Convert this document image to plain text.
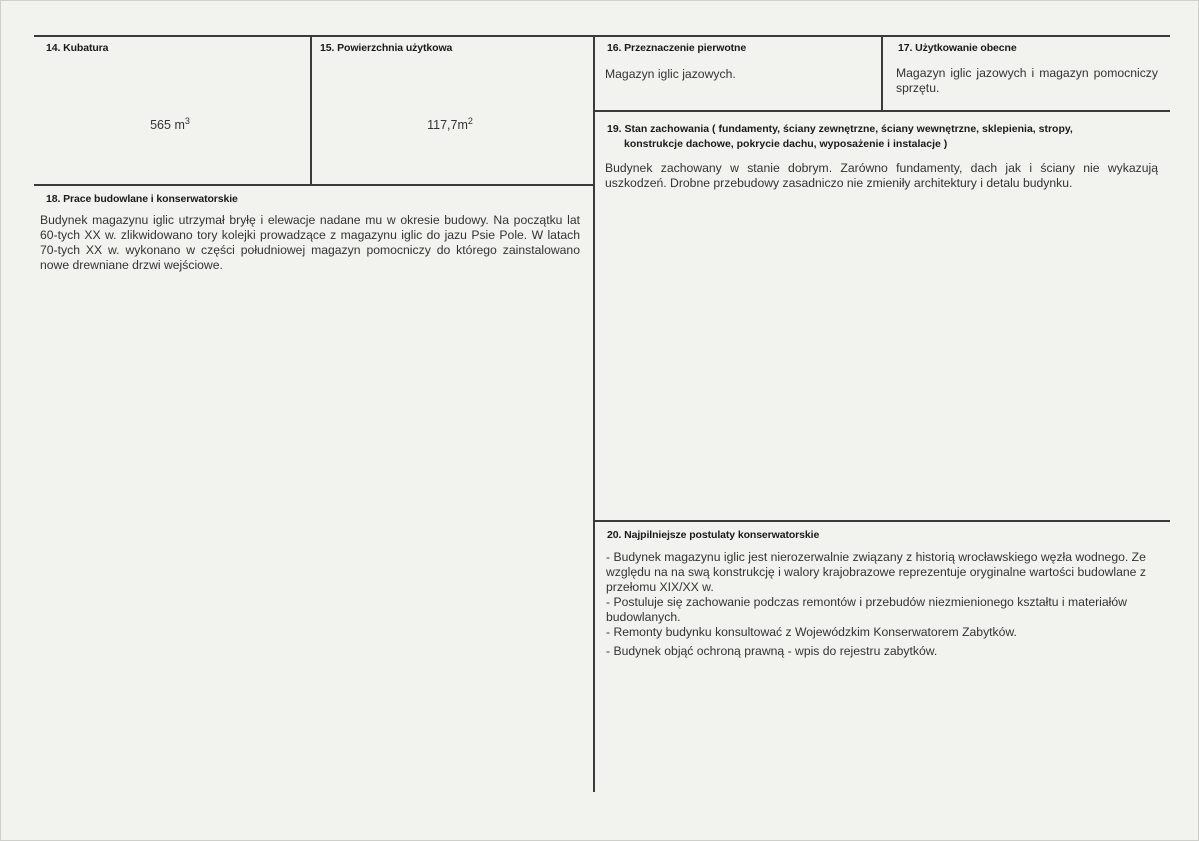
14. Kubatura
565 $m^3$
15. Powierzchnia użytkowa
$117,7m^2$
16. Przeznaczenie pierwotne
Magazyn iglic jazowych.
17. Użytkowanie obecne
Magazyn iglic jazowych i magazyn pomocniczy sprzętu.
19. Stan zachowania ( fundamenty, ściany zewnętrzne, ściany wewnętrzne, sklepienia, stropy,
konstrukcje dachowe, pokrycie dachu, wyposażenie i instalacje )
Budynek zachowany w stanie dobrym. Zarówno fundamenty, dach jak i ściany nie wykazują uszkodzeń. Drobne przebudowy zasadniczo nie zmieniły architektury i detalu budynku.
18. Prace budowlane i konserwatorskie
Budynek magazynu iglic utrzymał bryłę i elewacje nadane mu w okresie budowy. Na początku lat 60-tych XX w. zlikwidowano tory kolejki prowadzące z magazynu iglic do jazu Psie Pole. W latach 70-tych XX w. wykonano w części południowej magazyn pomocniczy do którego zainstalowano nowe drewniane drzwi wejściowe.
20. Najpilniejsze postulaty konserwatorskie

- Budynek magazynu iglic jest nierozerwalnie związany z historią wrocławskiego węzła wodnego. Ze względu na na swą konstrukcję i walory krajobrazowe reprezentuje oryginalne wartości budowlane z przełomu XIX/XX w.

- Postuluje się zachowanie podczas remontów i przebudów niezmienionego kształtu i materiałów budowlanych.

- Remonty budynku konsultować z Wojewódzkim Konserwatorem Zabytków.

- Budynek objąć ochroną prawną - wpis do rejestru zabytków.
